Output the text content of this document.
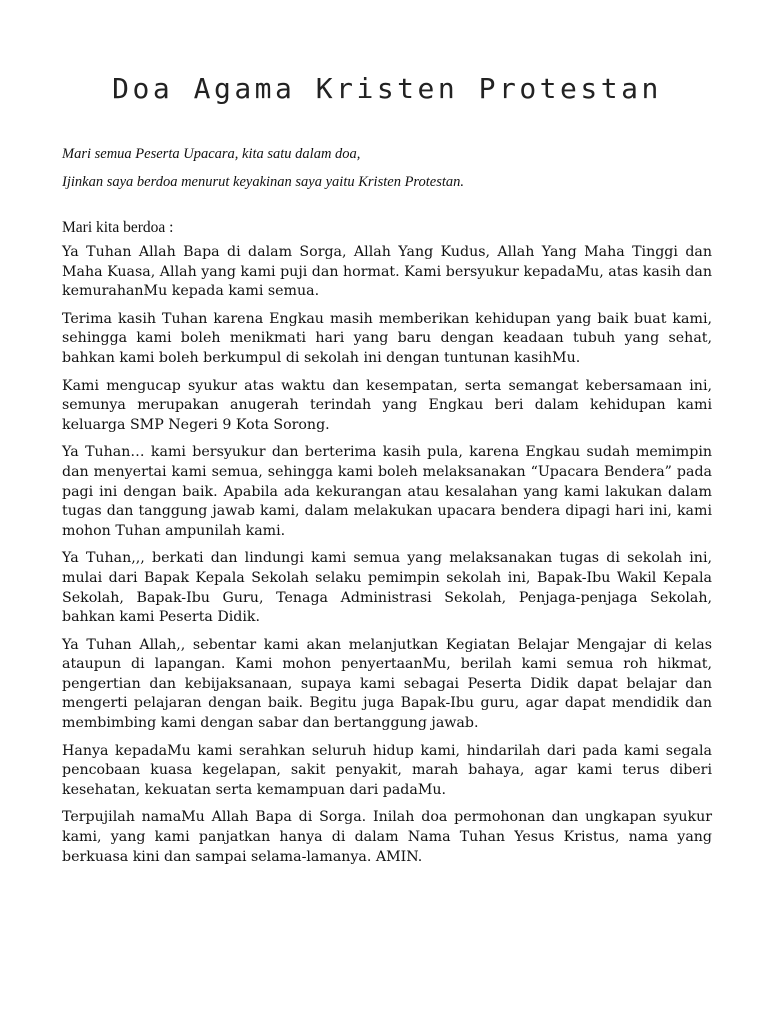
Doa Agama Kristen Protestan

Mari semua Peserta Upacara, kita satu dalam doa,

Ijinkan saya berdoa menurut keyakinan saya yaitu Kristen Protestan.

Mari kita berdoa :

Ya Tuhan Allah Bapa di dalam Sorga, Allah Yang Kudus, Allah Yang Maha Tinggi dan Maha Kuasa, Allah yang kami puji dan hormat. Kami bersyukur kepadaMu, atas kasih dan kemurahanMu kepada kami semua.

Terima kasih Tuhan karena Engkau masih memberikan kehidupan yang baik buat kami, sehingga kami boleh menikmati hari yang baru dengan keadaan tubuh yang sehat, bahkan kami boleh berkumpul di sekolah ini dengan tuntunan kasihMu.

Kami mengucap syukur atas waktu dan kesempatan, serta semangat kebersamaan ini, semunya merupakan anugerah terindah yang Engkau beri dalam kehidupan kami keluarga SMP Negeri 9 Kota Sorong.

Ya Tuhan… kami bersyukur dan berterima kasih pula, karena Engkau sudah memimpin dan menyertai kami semua, sehingga kami boleh melaksanakan “Upacara Bendera” pada pagi ini dengan baik. Apabila ada kekurangan atau kesalahan yang kami lakukan dalam tugas dan tanggung jawab kami, dalam melakukan upacara bendera dipagi hari ini, kami mohon Tuhan ampunilah kami.

Ya Tuhan,,, berkati dan lindungi kami semua yang melaksanakan tugas di sekolah ini, mulai dari Bapak Kepala Sekolah selaku pemimpin sekolah ini, Bapak-Ibu Wakil Kepala Sekolah, Bapak-Ibu Guru, Tenaga Administrasi Sekolah, Penjaga-penjaga Sekolah, bahkan kami Peserta Didik.

Ya Tuhan Allah,, sebentar kami akan melanjutkan Kegiatan Belajar Mengajar di kelas ataupun di lapangan. Kami mohon penyertaanMu, berilah kami semua roh hikmat, pengertian dan kebijaksanaan, supaya kami sebagai Peserta Didik dapat belajar dan mengerti pelajaran dengan baik. Begitu juga Bapak-Ibu guru, agar dapat mendidik dan membimbing kami dengan sabar dan bertanggung jawab.

Hanya kepadaMu kami serahkan seluruh hidup kami, hindarilah dari pada kami segala pencobaan kuasa kegelapan, sakit penyakit, marah bahaya, agar kami terus diberi kesehatan, kekuatan serta kemampuan dari padaMu.

Terpujilah namaMu Allah Bapa di Sorga. Inilah doa permohonan dan ungkapan syukur kami, yang kami panjatkan hanya di dalam Nama Tuhan Yesus Kristus, nama yang berkuasa kini dan sampai selama-lamanya. AMIN.
